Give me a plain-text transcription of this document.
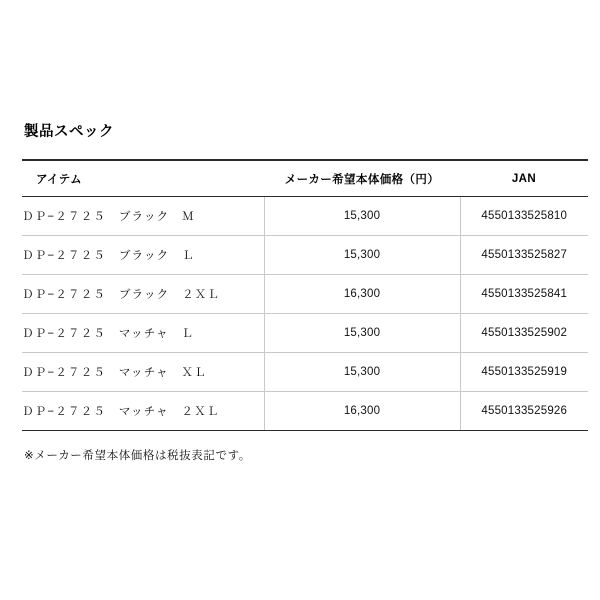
製品スペック
アイテム	メーカー希望本体価格（円）	JAN
ＤＰ−２７２５　ブラック　Ｍ	15,300	4550133525810
ＤＰ−２７２５　ブラック　Ｌ	15,300	4550133525827
ＤＰ−２７２５　ブラック　２ＸＬ	16,300	4550133525841
ＤＰ−２７２５　マッチャ　Ｌ	15,300	4550133525902
ＤＰ−２７２５　マッチャ　ＸＬ	15,300	4550133525919
ＤＰ−２７２５　マッチャ　２ＸＬ	16,300	4550133525926
※メーカー希望本体価格は税抜表記です。
